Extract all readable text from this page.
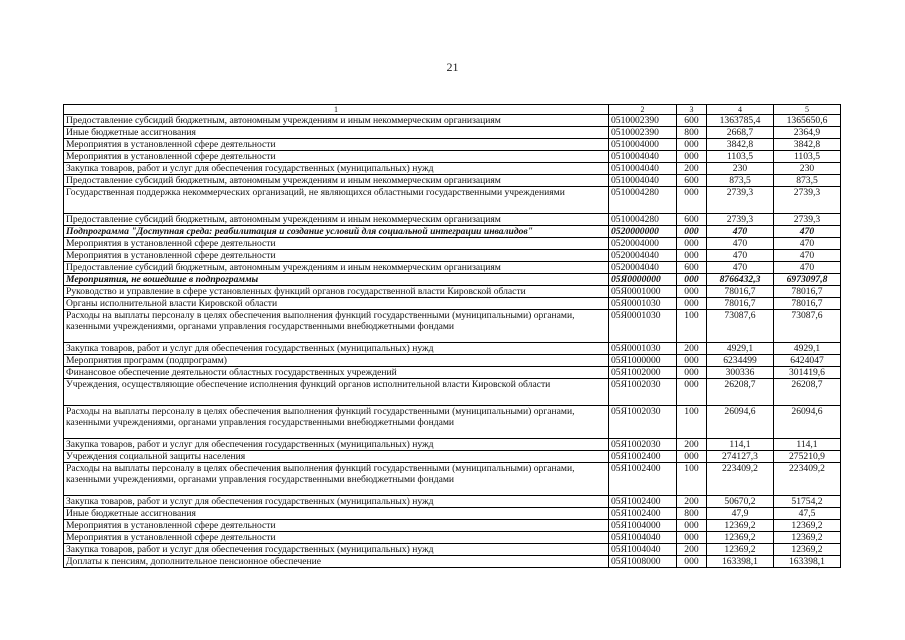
21
1	2	3	4	5
Предоставление субсидий бюджетным, автономным учреждениям и иным некоммерческим организациям	0510002390	600	1363785,4	1365650,6
Иные бюджетные ассигнования	0510002390	800	2668,7	2364,9
Мероприятия в установленной сфере деятельности	0510004000	000	3842,8	3842,8
Мероприятия в установленной сфере деятельности	0510004040	000	1103,5	1103,5
Закупка товаров, работ и услуг для обеспечения государственных (муниципальных) нужд	0510004040	200	230	230
Предоставление субсидий бюджетным, автономным учреждениям и иным некоммерческим организациям	0510004040	600	873,5	873,5
Государственная поддержка некоммерческих организаций, не являющихся областными государственными учреждениями	0510004280	000	2739,3	2739,3
Предоставление субсидий бюджетным, автономным учреждениям и иным некоммерческим организациям	0510004280	600	2739,3	2739,3
Подпрограмма "Доступная среда: реабилитация и создание условий для социальной интеграции инвалидов"	0520000000	000	470	470
Мероприятия в установленной сфере деятельности	0520004000	000	470	470
Мероприятия в установленной сфере деятельности	0520004040	000	470	470
Предоставление субсидий бюджетным, автономным учреждениям и иным некоммерческим организациям	0520004040	600	470	470
Мероприятия, не вошедшие в подпрограммы	05Я0000000	000	8766432,3	6973097,8
Руководство и управление в сфере установленных функций органов государственной власти Кировской области	05Я0001000	000	78016,7	78016,7
Органы исполнительной власти Кировской области	05Я0001030	000	78016,7	78016,7
Расходы на выплаты персоналу в целях обеспечения выполнения функций государственными (муниципальными) органами, казенными учреждениями, органами управления государственными внебюджетными фондами	05Я0001030	100	73087,6	73087,6
Закупка товаров, работ и услуг для обеспечения государственных (муниципальных) нужд	05Я0001030	200	4929,1	4929,1
Мероприятия программ (подпрограмм)	05Я1000000	000	6234499	6424047
Финансовое обеспечение деятельности областных государственных учреждений	05Я1002000	000	300336	301419,6
Учреждения, осуществляющие обеспечение исполнения функций органов исполнительной власти Кировской области	05Я1002030	000	26208,7	26208,7
Расходы на выплаты персоналу в целях обеспечения выполнения функций государственными (муниципальными) органами, казенными учреждениями, органами управления государственными внебюджетными фондами	05Я1002030	100	26094,6	26094,6
Закупка товаров, работ и услуг для обеспечения государственных (муниципальных) нужд	05Я1002030	200	114,1	114,1
Учреждения социальной защиты населения	05Я1002400	000	274127,3	275210,9
Расходы на выплаты персоналу в целях обеспечения выполнения функций государственными (муниципальными) органами, казенными учреждениями, органами управления государственными внебюджетными фондами	05Я1002400	100	223409,2	223409,2
Закупка товаров, работ и услуг для обеспечения государственных (муниципальных) нужд	05Я1002400	200	50670,2	51754,2
Иные бюджетные ассигнования	05Я1002400	800	47,9	47,5
Мероприятия в установленной сфере деятельности	05Я1004000	000	12369,2	12369,2
Мероприятия в установленной сфере деятельности	05Я1004040	000	12369,2	12369,2
Закупка товаров, работ и услуг для обеспечения государственных (муниципальных) нужд	05Я1004040	200	12369,2	12369,2
Доплаты к пенсиям, дополнительное пенсионное обеспечение	05Я1008000	000	163398,1	163398,1
